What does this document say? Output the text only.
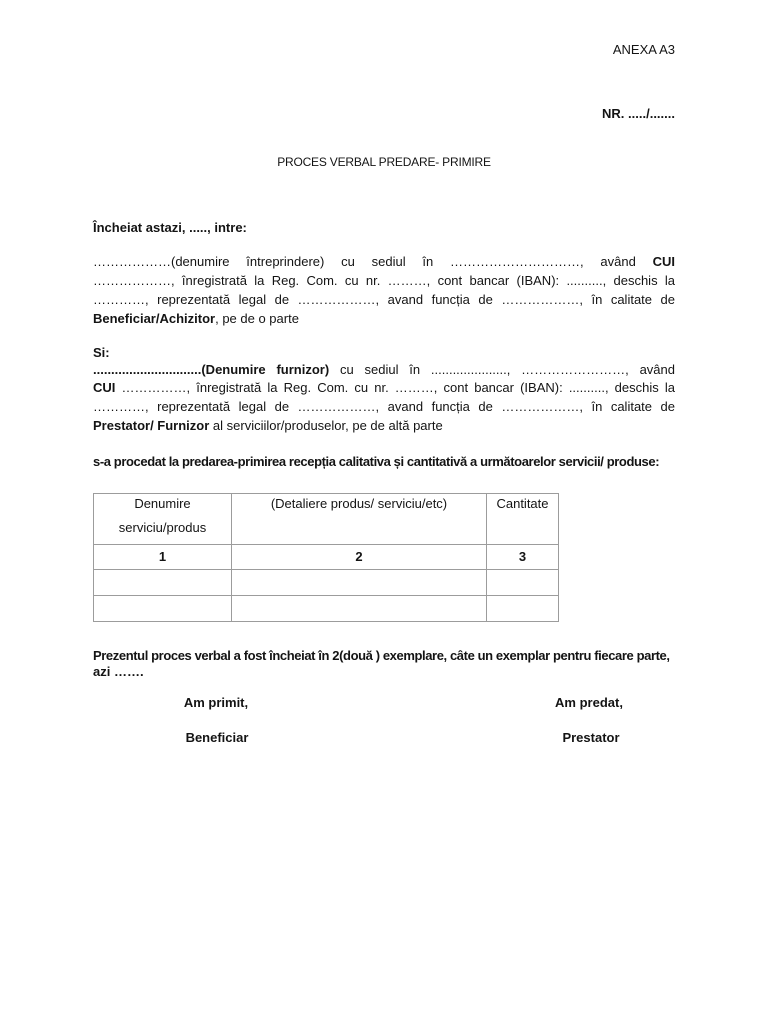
ANEXA A3
NR. ...../.......
PROCES VERBAL PREDARE- PRIMIRE
Încheiat astazi, ....., intre:
………………(denumire întreprindere) cu sediul în …………………………, având CUI
………………, înregistrată la Reg. Com. cu nr. ………, cont bancar (IBAN): .........., deschis la
…………, reprezentată legal de ………………, avand funcția de ………………, în calitate de
Beneficiar/Achizitor, pe de o parte
Si:
..............................(Denumire furnizor) cu sediul în ....................., ……………………, având
CUI ……………, înregistrată la Reg. Com. cu nr. ………, cont bancar (IBAN): .........., deschis la
…………, reprezentată legal de ………………, avand funcția de ………………, în calitate de
Prestator/ Furnizor al serviciilor/produselor, pe de altă parte
s-a procedat la predarea-primirea recepția calitativa și cantitativă a următoarelor servicii/ produse:
Denumire
serviciu/produs	(Detaliere produs/ serviciu/etc)	Cantitate

1	2	3

Prezentul proces verbal a fost încheiat în 2(două ) exemplare, câte un exemplar pentru fiecare parte,
azi …….
Am primit,	Am predat,
Beneficiar	Prestator
